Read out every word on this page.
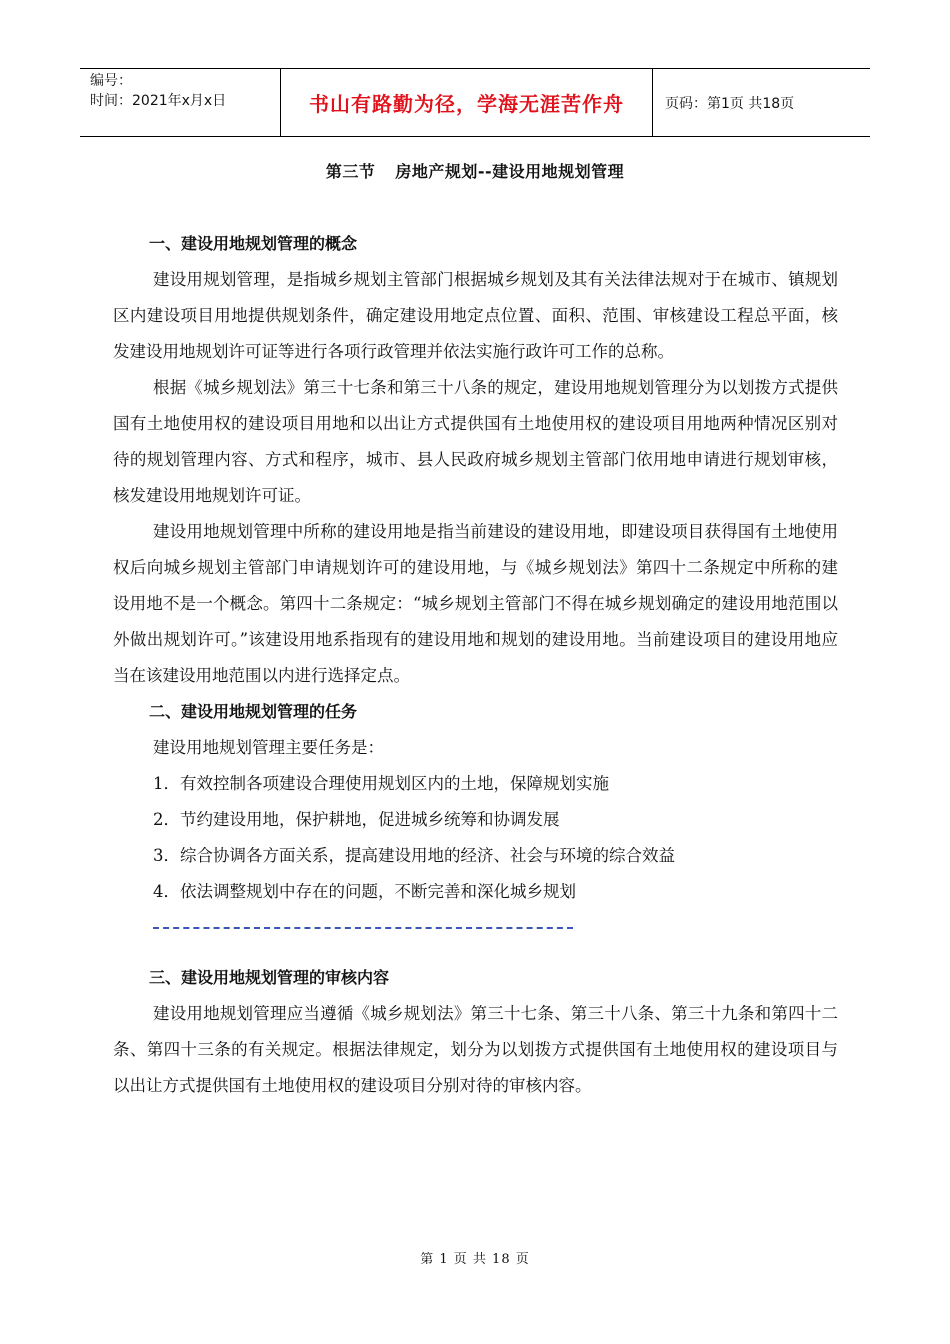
编号：
时间：2021年x月x日	书山有路勤为径，学海无涯苦作舟	页码：第1页 共18页
第三节 房地产规划--建设用地规划管理
一、建设用地规划管理的概念
建设用规划管理，是指城乡规划主管部门根据城乡规划及其有关法律法规对于在城市、镇规划区内建设项目用地提供规划条件，确定建设用地定点位置、面积、范围、审核建设工程总平面，核发建设用地规划许可证等进行各项行政管理并依法实施行政许可工作的总称。
根据《城乡规划法》第三十七条和第三十八条的规定，建设用地规划管理分为以划拨方式提供国有土地使用权的建设项目用地和以出让方式提供国有土地使用权的建设项目用地两种情况区别对待的规划管理内容、方式和程序，城市、县人民政府城乡规划主管部门依用地申请进行规划审核，核发建设用地规划许可证。
建设用地规划管理中所称的建设用地是指当前建设的建设用地，即建设项目获得国有土地使用权后向城乡规划主管部门申请规划许可的建设用地，与《城乡规划法》第四十二条规定中所称的建设用地不是一个概念。第四十二条规定：“城乡规划主管部门不得在城乡规划确定的建设用地范围以外做出规划许可。”该建设用地系指现有的建设用地和规划的建设用地。当前建设项目的建设用地应当在该建设用地范围以内进行选择定点。
二、建设用地规划管理的任务
建设用地规划管理主要任务是：
1．有效控制各项建设合理使用规划区内的土地，保障规划实施
2．节约建设用地，保护耕地，促进城乡统筹和协调发展
3．综合协调各方面关系，提高建设用地的经济、社会与环境的综合效益
4．依法调整规划中存在的问题，不断完善和深化城乡规划
三、建设用地规划管理的审核内容
建设用地规划管理应当遵循《城乡规划法》第三十七条、第三十八条、第三十九条和第四十二条、第四十三条的有关规定。根据法律规定，划分为以划拨方式提供国有土地使用权的建设项目与以出让方式提供国有土地使用权的建设项目分别对待的审核内容。
第 1 页 共 18 页
